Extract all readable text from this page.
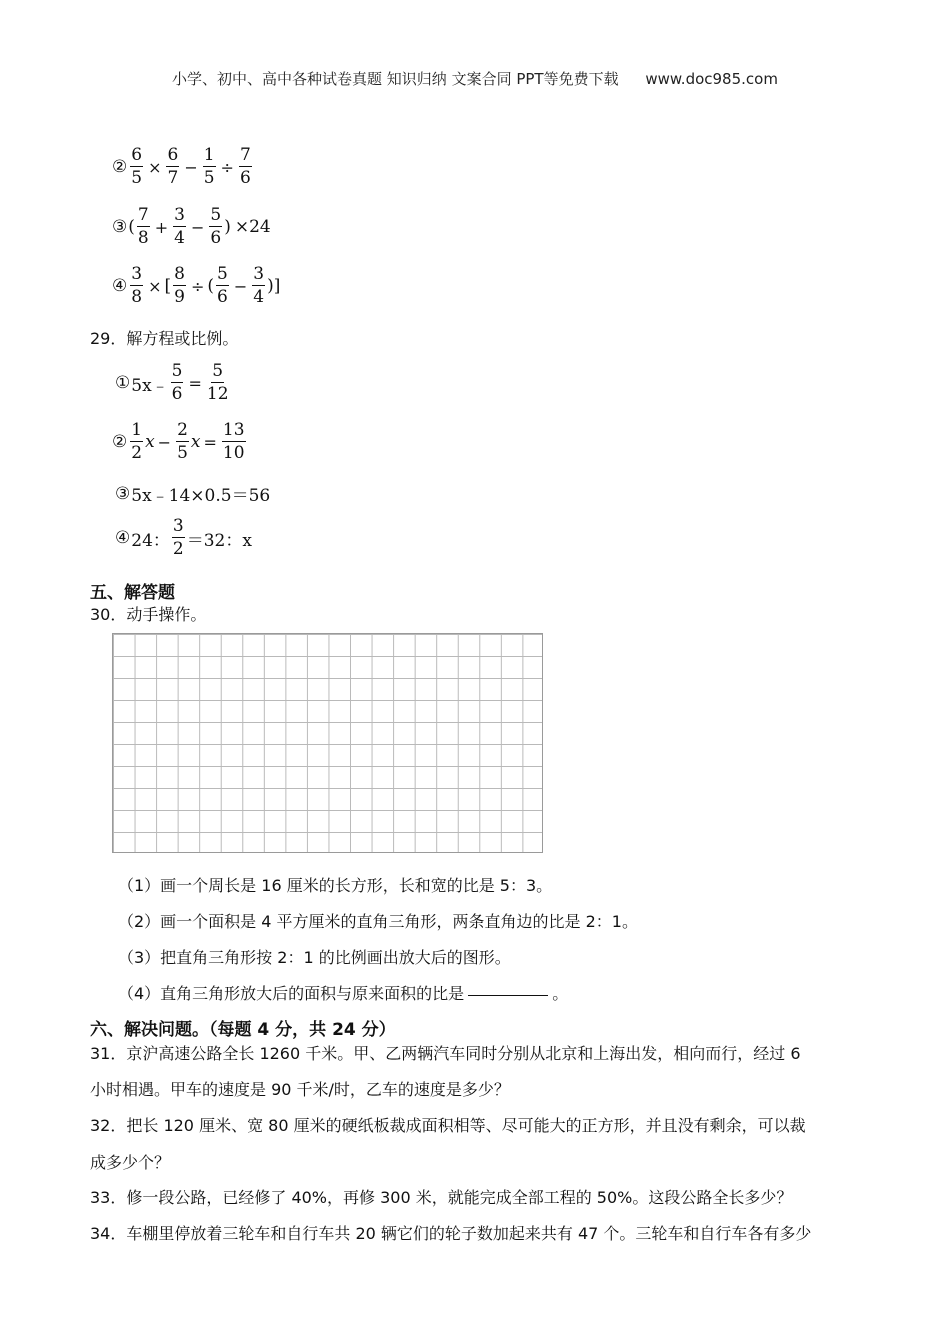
小学、初中、高中各种试卷真题 知识归纳 文案合同 PPT等免费下载 www.doc985.com
② $\frac{6}{5} \times \frac{6}{7} - \frac{1}{5} \div \frac{7}{6}$
③ ( $\frac{7}{8} + \frac{3}{4} - \frac{5}{6}$ ) ×24
④ $\frac{3}{8}$ × [ $\frac{8}{9}$ ÷ ( $\frac{5}{6} - \frac{3}{4}$ )]
29．解方程或比例。
① 5x﹣ $\frac{5}{6} = \frac{5}{12}$
② $\frac{1}{2}$ $x - \frac{2}{5}$ $x = \frac{13}{10}$
③ 5x﹣14×0.5＝56
④ 24： $\frac{3}{2} =32$：x
五、解答题
30．动手操作。
（1）画一个周长是 16 厘米的长方形，长和宽的比是 5：3。
（2）画一个面积是 4 平方厘米的直角三角形，两条直角边的比是 2：1。
（3）把直角三角形按 2：1 的比例画出放大后的图形。
（4）直角三角形放大后的面积与原来面积的比是	。
六、解决问题。（每题 4 分，共 24 分）
31．京沪高速公路全长 1260 千米。甲、乙两辆汽车同时分别从北京和上海出发，相向而行，经过 6
小时相遇。甲车的速度是 90 千米/时，乙车的速度是多少？
32．把长 120 厘米、宽 80 厘米的硬纸板裁成面积相等、尽可能大的正方形，并且没有剩余，可以裁
成多少个？
33．修一段公路，已经修了 40%，再修 300 米，就能完成全部工程的 50%。这段公路全长多少？
34．车棚里停放着三轮车和自行车共 20 辆它们的轮子数加起来共有 47 个。三轮车和自行车各有多少
